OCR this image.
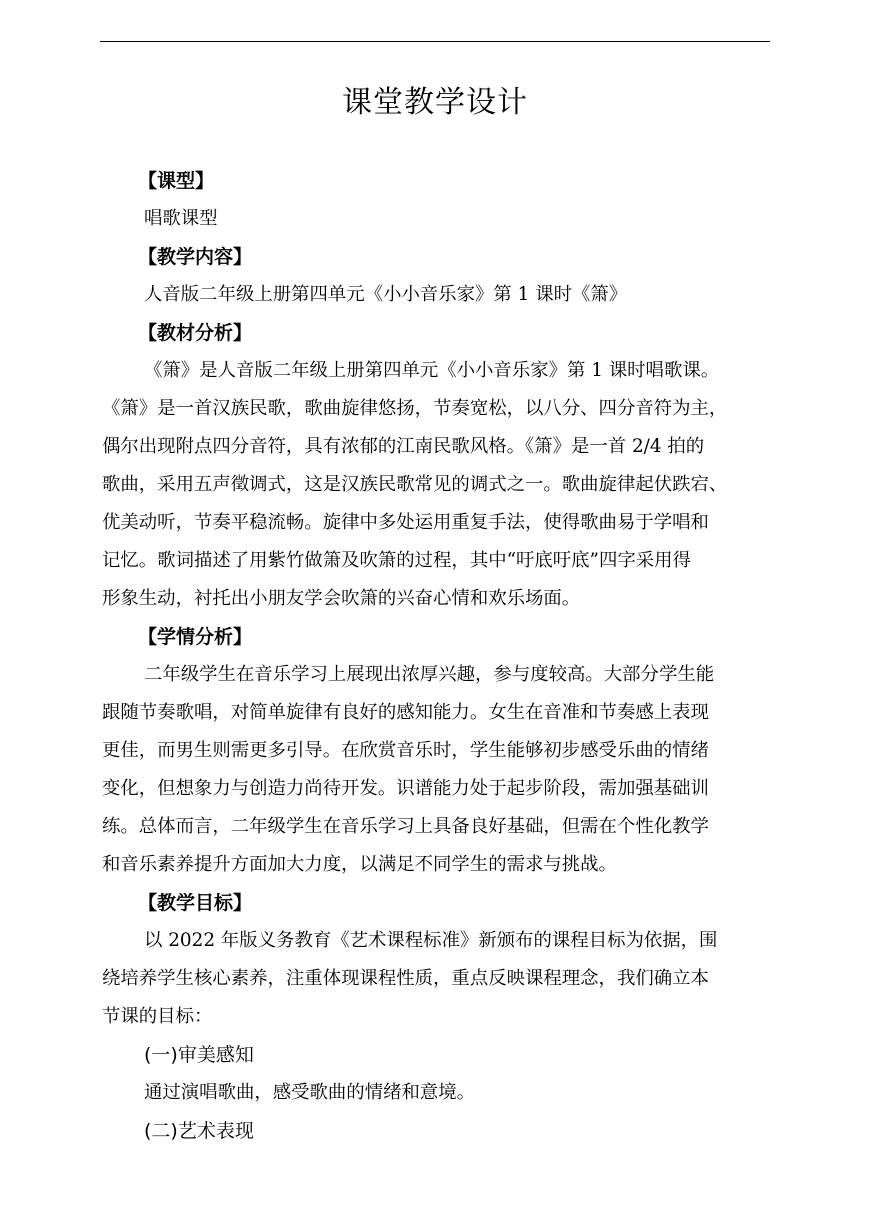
课堂教学设计
【课型】
唱歌课型
【教学内容】
人音版二年级上册第四单元《小小音乐家》第 1 课时《箫》
【教材分析】
《箫》是人音版二年级上册第四单元《小小音乐家》第 1 课时唱歌课。
《箫》是一首汉族民歌，歌曲旋律悠扬，节奏宽松，以八分、四分音符为主，
偶尔出现附点四分音符，具有浓郁的江南民歌风格。《箫》是一首 2/4 拍的
歌曲，采用五声徵调式，这是汉族民歌常见的调式之一。歌曲旋律起伏跌宕、
优美动听，节奏平稳流畅。旋律中多处运用重复手法，使得歌曲易于学唱和
记忆。歌词描述了用紫竹做箫及吹箫的过程，其中“吁底吁底”四字采用得
形象生动，衬托出小朋友学会吹箫的兴奋心情和欢乐场面。
【学情分析】
二年级学生在音乐学习上展现出浓厚兴趣，参与度较高。大部分学生能
跟随节奏歌唱，对简单旋律有良好的感知能力。女生在音准和节奏感上表现
更佳，而男生则需更多引导。在欣赏音乐时，学生能够初步感受乐曲的情绪
变化，但想象力与创造力尚待开发。识谱能力处于起步阶段，需加强基础训
练。总体而言，二年级学生在音乐学习上具备良好基础，但需在个性化教学
和音乐素养提升方面加大力度，以满足不同学生的需求与挑战。
【教学目标】
以 2022 年版义务教育《艺术课程标准》新颁布的课程目标为依据，围
绕培养学生核心素养，注重体现课程性质，重点反映课程理念，我们确立本
节课的目标：
(一)审美感知
通过演唱歌曲，感受歌曲的情绪和意境。
(二)艺术表现
